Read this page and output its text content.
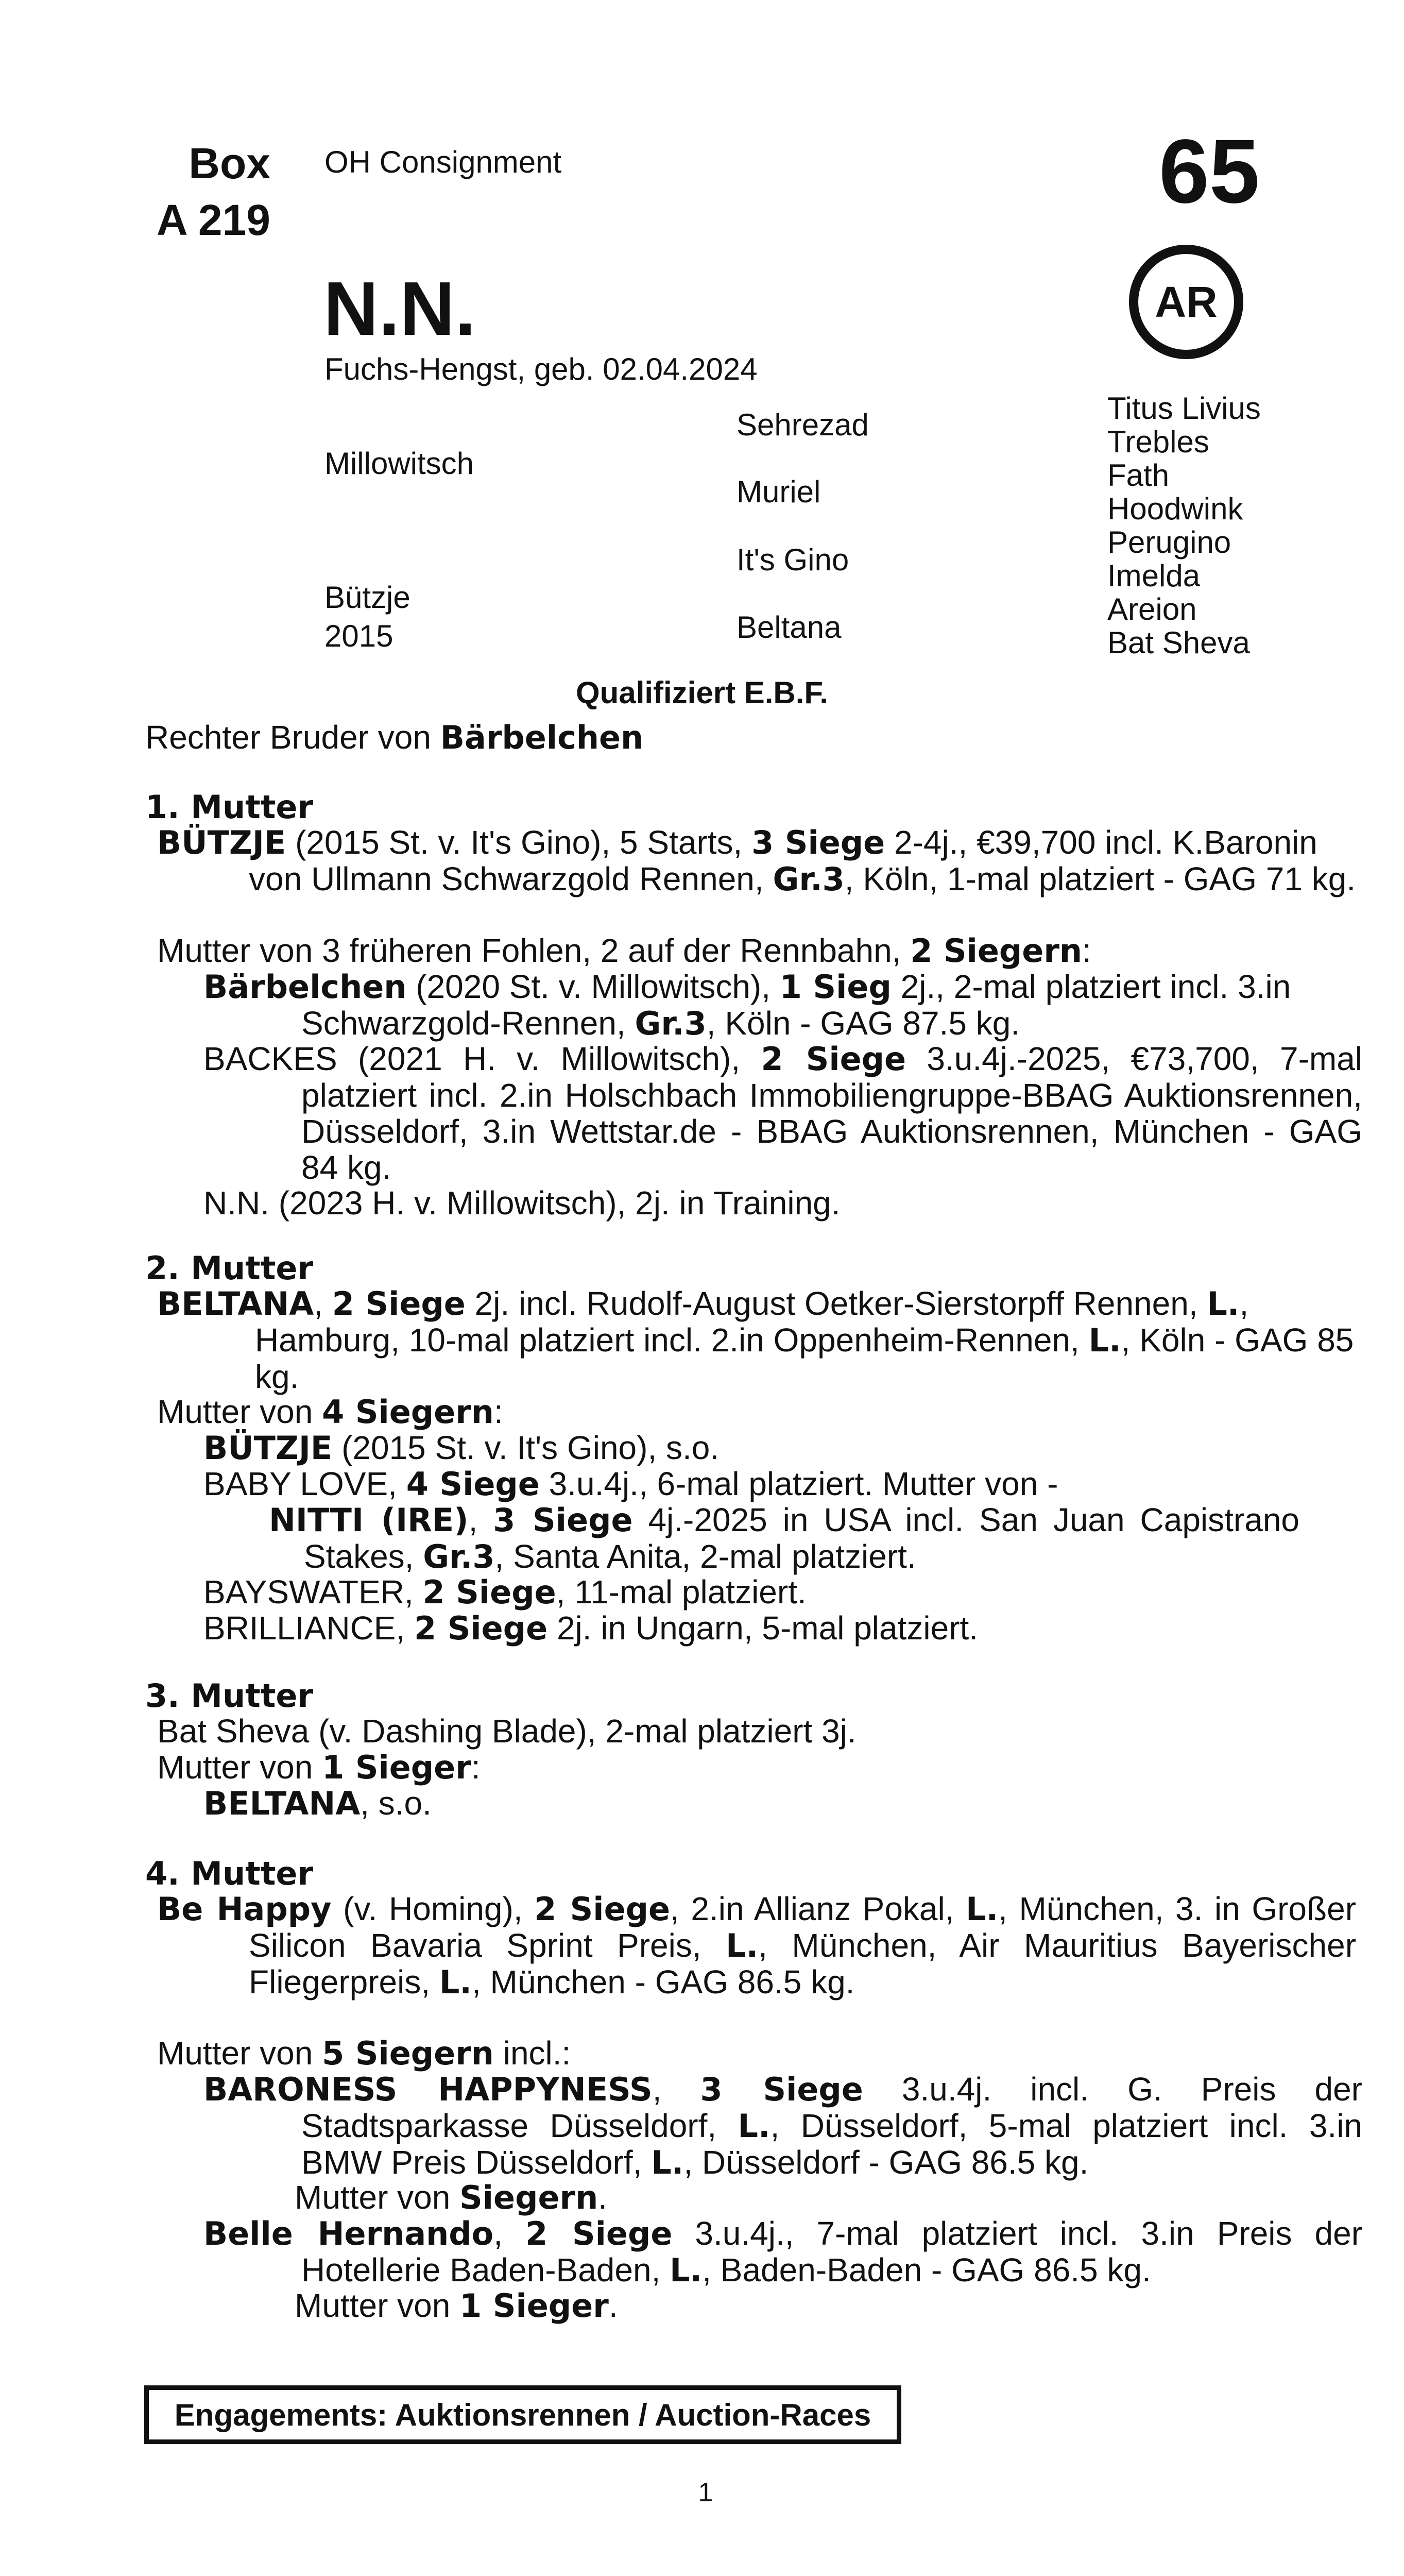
Box
A 219
OH Consignment	65
AR
N.N.
Fuchs-Hengst, geb. 02.04.2024
Millowitsch
Bützje
2015
Sehrezad
Muriel
It's Gino
Beltana
Titus Livius
Trebles
Fath
Hoodwink
Perugino
Imelda
Areion
Bat Sheva
Qualifiziert E.B.F.
Rechter Bruder von Bärbelchen
1. Mutter
BÜTZJE (2015 St. v. It's Gino), 5 Starts, 3 Siege 2-4j., €39,700 incl. K.Baronin von Ullmann Schwarzgold Rennen, Gr.3, Köln, 1-mal platziert - GAG 71 kg.
Mutter von 3 früheren Fohlen, 2 auf der Rennbahn, 2 Siegern:
Bärbelchen (2020 St. v. Millowitsch), 1 Sieg 2j., 2-mal platziert incl. 3.in Schwarzgold-Rennen, Gr.3, Köln - GAG 87.5 kg.
BACKES (2021 H. v. Millowitsch), 2 Siege 3.u.4j.-2025, €73,700, 7-mal platziert incl. 2.in Holschbach Immobiliengruppe-BBAG Auktionsrennen, Düsseldorf, 3.in Wettstar.de - BBAG Auktionsrennen, München - GAG 84 kg.
N.N. (2023 H. v. Millowitsch), 2j. in Training.
2. Mutter
BELTANA, 2 Siege 2j. incl. Rudolf-August Oetker-Sierstorpff Rennen, L., Hamburg, 10-mal platziert incl. 2.in Oppenheim-Rennen, L., Köln - GAG 85 kg.
Mutter von 4 Siegern:
BÜTZJE (2015 St. v. It's Gino), s.o.
BABY LOVE, 4 Siege 3.u.4j., 6-mal platziert. Mutter von -
NITTI (IRE), 3 Siege 4j.-2025 in USA incl. San Juan Capistrano Stakes, Gr.3, Santa Anita, 2-mal platziert.
BAYSWATER, 2 Siege, 11-mal platziert.
BRILLIANCE, 2 Siege 2j. in Ungarn, 5-mal platziert.
3. Mutter
Bat Sheva (v. Dashing Blade), 2-mal platziert 3j.
Mutter von 1 Sieger:
BELTANA, s.o.
4. Mutter
Be Happy (v. Homing), 2 Siege, 2.in Allianz Pokal, L., München, 3. in Großer Silicon Bavaria Sprint Preis, L., München, Air Mauritius Bayerischer Fliegerpreis, L., München - GAG 86.5 kg.
Mutter von 5 Siegern incl.:
BARONESS HAPPYNESS, 3 Siege 3.u.4j. incl. G. Preis der Stadtsparkasse Düsseldorf, L., Düsseldorf, 5-mal platziert incl. 3.in BMW Preis Düsseldorf, L., Düsseldorf - GAG 86.5 kg.
Mutter von Siegern.
Belle Hernando, 2 Siege 3.u.4j., 7-mal platziert incl. 3.in Preis der Hotellerie Baden-Baden, L., Baden-Baden - GAG 86.5 kg.
Mutter von 1 Sieger.
Engagements: Auktionsrennen / Auction-Races
1
